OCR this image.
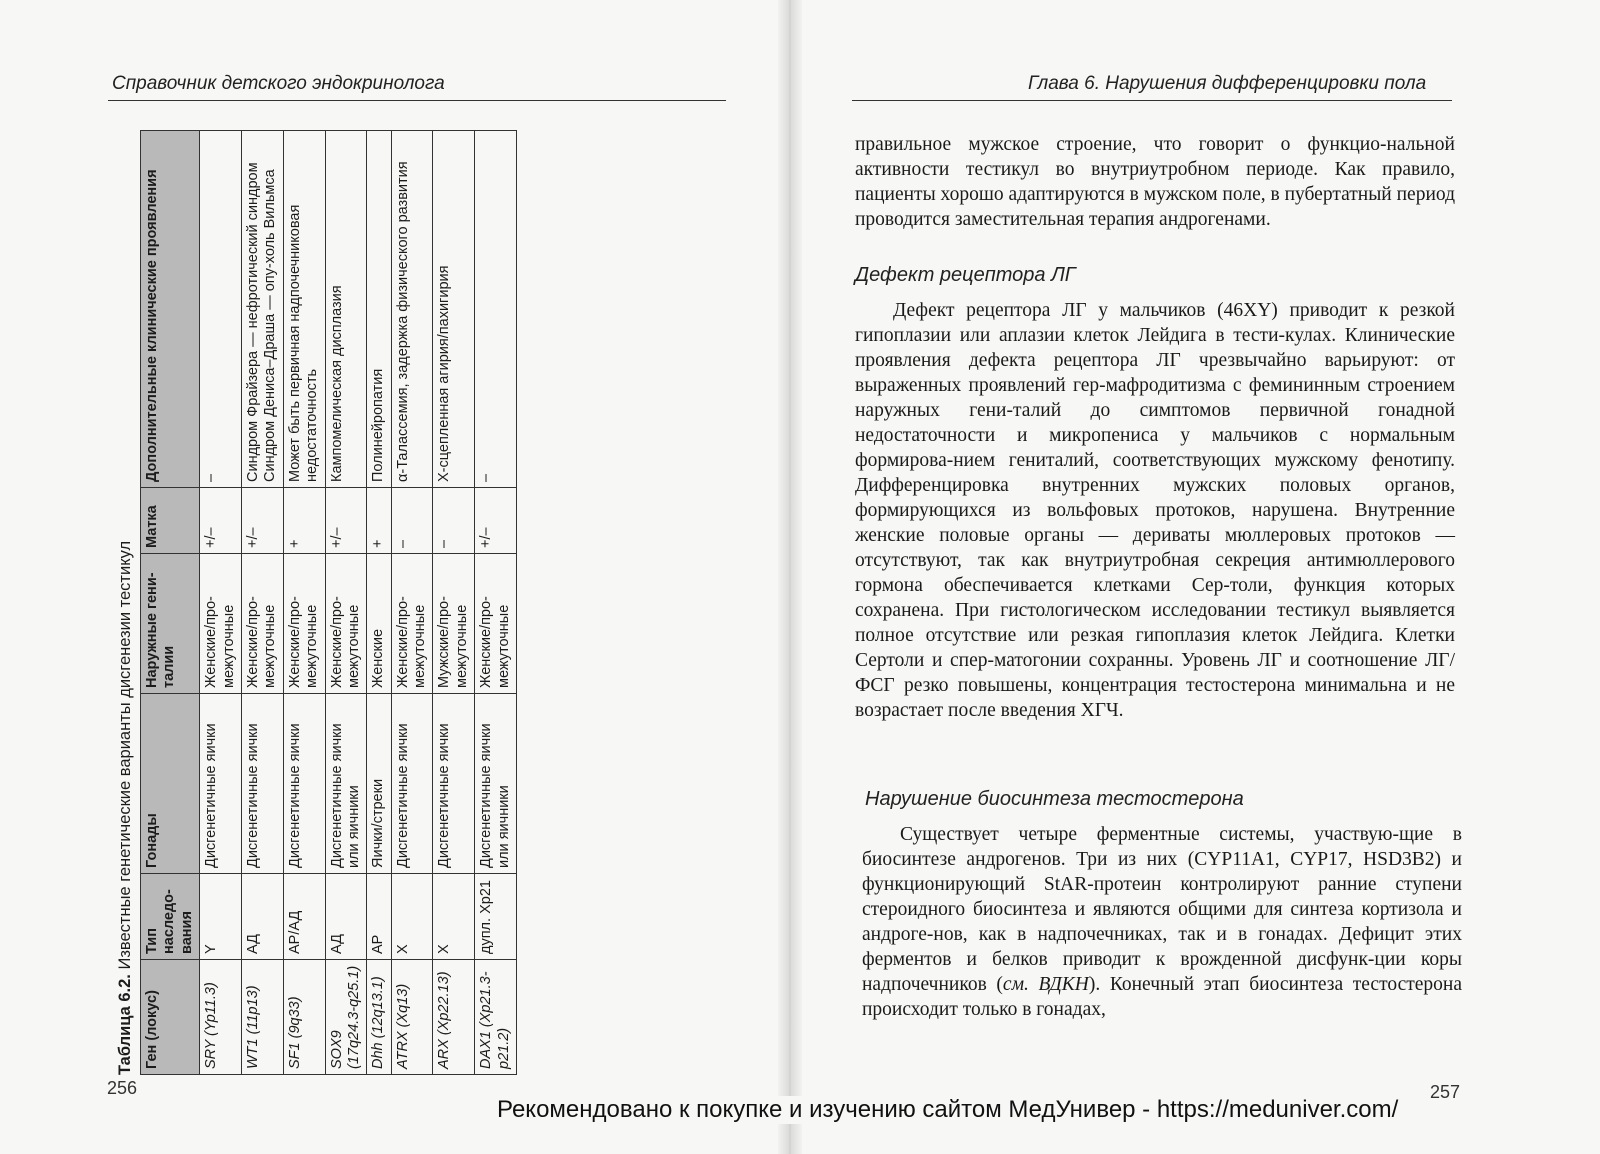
Справочник детского эндокринолога
Таблица 6.2. Известные генетические варианты дисгенезии тестикул
Ген (локус)	Тип наследо-вания	Гонады	Наружные гени-талии	Матка	Дополнительные клинические проявления
SRY (Yp11.3)	Y	Дисгенетичные яички	Женские/про-межуточные	+/–	–
WT1 (11p13)	АД	Дисгенетичные яички	Женские/про-межуточные	+/–	Синдром Фрайзера — нефротический синдром Синдром Дениса–Драша — опу-холь Вильмса
SF1 (9q33)	АР/АД	Дисгенетичные яички	Женские/про-межуточные	+	Может быть первичная надпочечниковая недостаточность
SOX9 (17q24.3-q25.1)	АД	Дисгенетичные яички или яичники	Женские/про-межуточные	+/–	Кампомелическая дисплазия
Dhh (12q13.1)	АР	Яички/стреки	Женские	+	Полинейропатия
ATRX (Xq13)	X	Дисгенетичные яички	Женские/про-межуточные	–	α-Талассемия, задержка физического развития
ARX (Xp22.13)	X	Дисгенетичные яички	Мужские/про-межуточные	–	X-сцепленная агирия/пахигирия
DAX1 (Xp21.3-p21.2)	дупл. Xp21	Дисгенетичные яички или яичники	Женские/про-межуточные	+/–	–
256
Глава 6. Нарушения дифференцировки пола

правильное мужское строение, что говорит о функцио-нальной активности тестикул во внутриутробном периоде. Как правило, пациенты хорошо адаптируются в мужском поле, в пубертатный период проводится заместительная терапия андрогенами.

Дефект рецептора ЛГ

Дефект рецептора ЛГ у мальчиков (46XY) приводит к резкой гипоплазии или аплазии клеток Лейдига в тести-кулах. Клинические проявления дефекта рецептора ЛГ чрезвычайно варьируют: от выраженных проявлений гер-мафродитизма с фемининным строением наружных гени-талий до симптомов первичной гонадной недостаточности и микропениса у мальчиков с нормальным формирова-нием гениталий, соответствующих мужскому фенотипу. Дифференцировка внутренних мужских половых органов, формирующихся из вольфовых протоков, нарушена. Внутренние женские половые органы — дериваты мюллеровых протоков — отсутствуют, так как внутриутробная секреция антимюллерового гормона обеспечивается клетками Сер-толи, функция которых сохранена. При гистологическом исследовании тестикул выявляется полное отсутствие или резкая гипоплазия клеток Лейдига. Клетки Сертоли и спер-матогонии сохранны. Уровень ЛГ и соотношение ЛГ/ФСГ резко повышены, концентрация тестостерона минимальна и не возрастает после введения ХГЧ.

Нарушение биосинтеза тестостерона

Существует четыре ферментные системы, участвую-щие в биосинтезе андрогенов. Три из них (CYP11A1, CYP17, HSD3B2) и функционирующий StAR-протеин контролируют ранние ступени стероидного биосинтеза и являются общими для синтеза кортизола и андроге-нов, как в надпочечниках, так и в гонадах. Дефицит этих ферментов и белков приводит к врожденной дисфунк-ции коры надпочечников (см. ВДКН). Конечный этап биосинтеза тестостерона происходит только в гонадах,

257
Рекомендовано к покупке и изучению сайтом МедУнивер - https://meduniver.com/
